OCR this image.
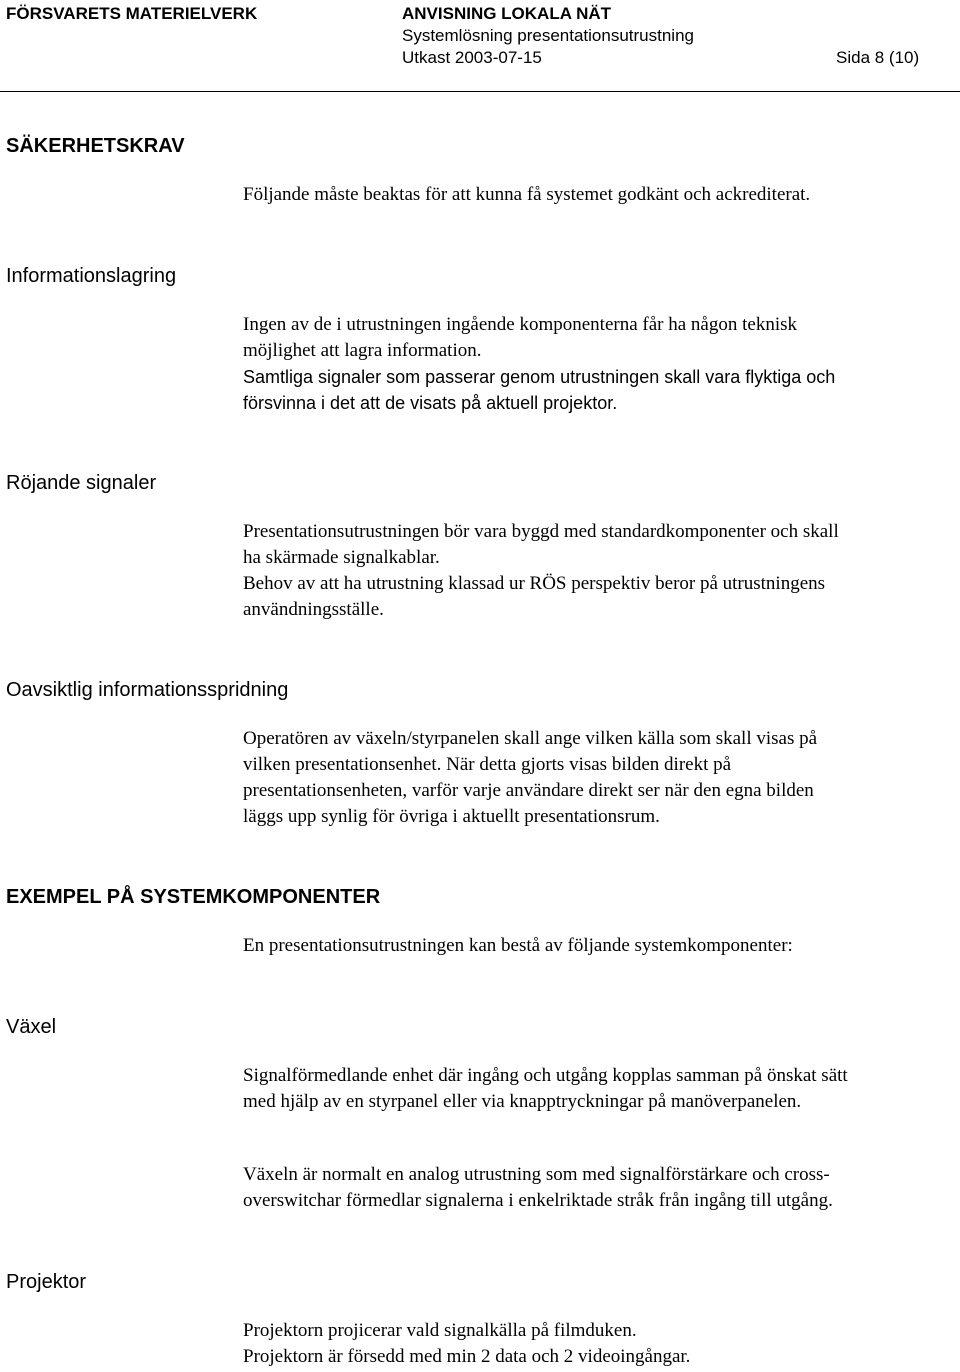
FÖRSVARETS MATERIELVERK	ANVISNING LOKALA NÄT
Systemlösning presentationsutrustning
Utkast 2003-07-15	Sida 8 (10)
SÄKERHETSKRAV
Följande måste beaktas för att kunna få systemet godkänt och ackrediterat.
Informationslagring
Ingen av de i utrustningen ingående komponenterna får ha någon teknisk
möjlighet att lagra information.
Samtliga signaler som passerar genom utrustningen skall vara flyktiga och
försvinna i det att de visats på aktuell projektor.
Röjande signaler
Presentationsutrustningen bör vara byggd med standardkomponenter och skall
ha skärmade signalkablar.
Behov av att ha utrustning klassad ur RÖS perspektiv beror på utrustningens
användningsställe.
Oavsiktlig informationsspridning
Operatören av växeln/styrpanelen skall ange vilken källa som skall visas på
vilken presentationsenhet. När detta gjorts visas bilden direkt på
presentationsenheten, varför varje användare direkt ser när den egna bilden
läggs upp synlig för övriga i aktuellt presentationsrum.
EXEMPEL PÅ SYSTEMKOMPONENTER
En presentationsutrustningen kan bestå av följande systemkomponenter:
Växel
Signalförmedlande enhet där ingång och utgång kopplas samman på önskat sätt
med hjälp av en styrpanel eller via knapptryckningar på manöverpanelen.
Växeln är normalt en analog utrustning som med signalförstärkare och cross-
overswitchar förmedlar signalerna i enkelriktade stråk från ingång till utgång.
Projektor
Projektorn projicerar vald signalkälla på filmduken.
Projektorn är försedd med min 2 data och 2 videoingångar.
